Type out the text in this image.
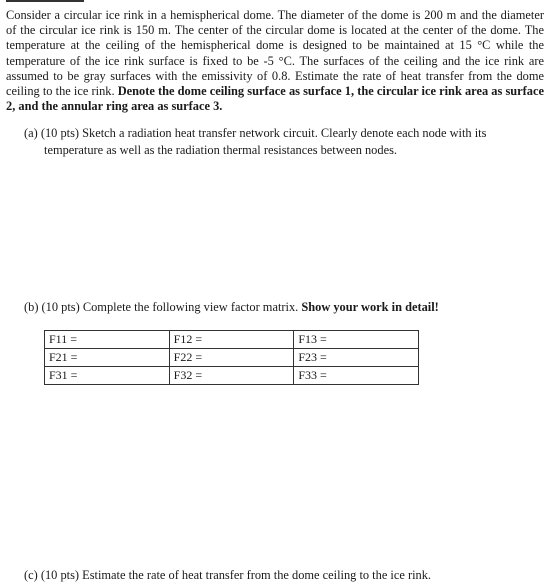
Consider a circular ice rink in a hemispherical dome. The diameter of the dome is 200 m and the diameter of the circular ice rink is 150 m. The center of the circular dome is located at the center of the dome. The temperature at the ceiling of the hemispherical dome is designed to be maintained at 15 °C while the temperature of the ice rink surface is fixed to be -5 °C. The surfaces of the ceiling and the ice rink are assumed to be gray surfaces with the emissivity of 0.8. Estimate the rate of heat transfer from the dome ceiling to the ice rink. Denote the dome ceiling surface as surface 1, the circular ice rink area as surface 2, and the annular ring area as surface 3.

(a) (10 pts) Sketch a radiation heat transfer network circuit. Clearly denote each node with its
temperature as well as the radiation thermal resistances between nodes.

(b) (10 pts) Complete the following view factor matrix. Show your work in detail!

F11 =	F12 =	F13 =
F21 =	F22 =	F23 =
F31 =	F32 =	F33 =

(c) (10 pts) Estimate the rate of heat transfer from the dome ceiling to the ice rink.
